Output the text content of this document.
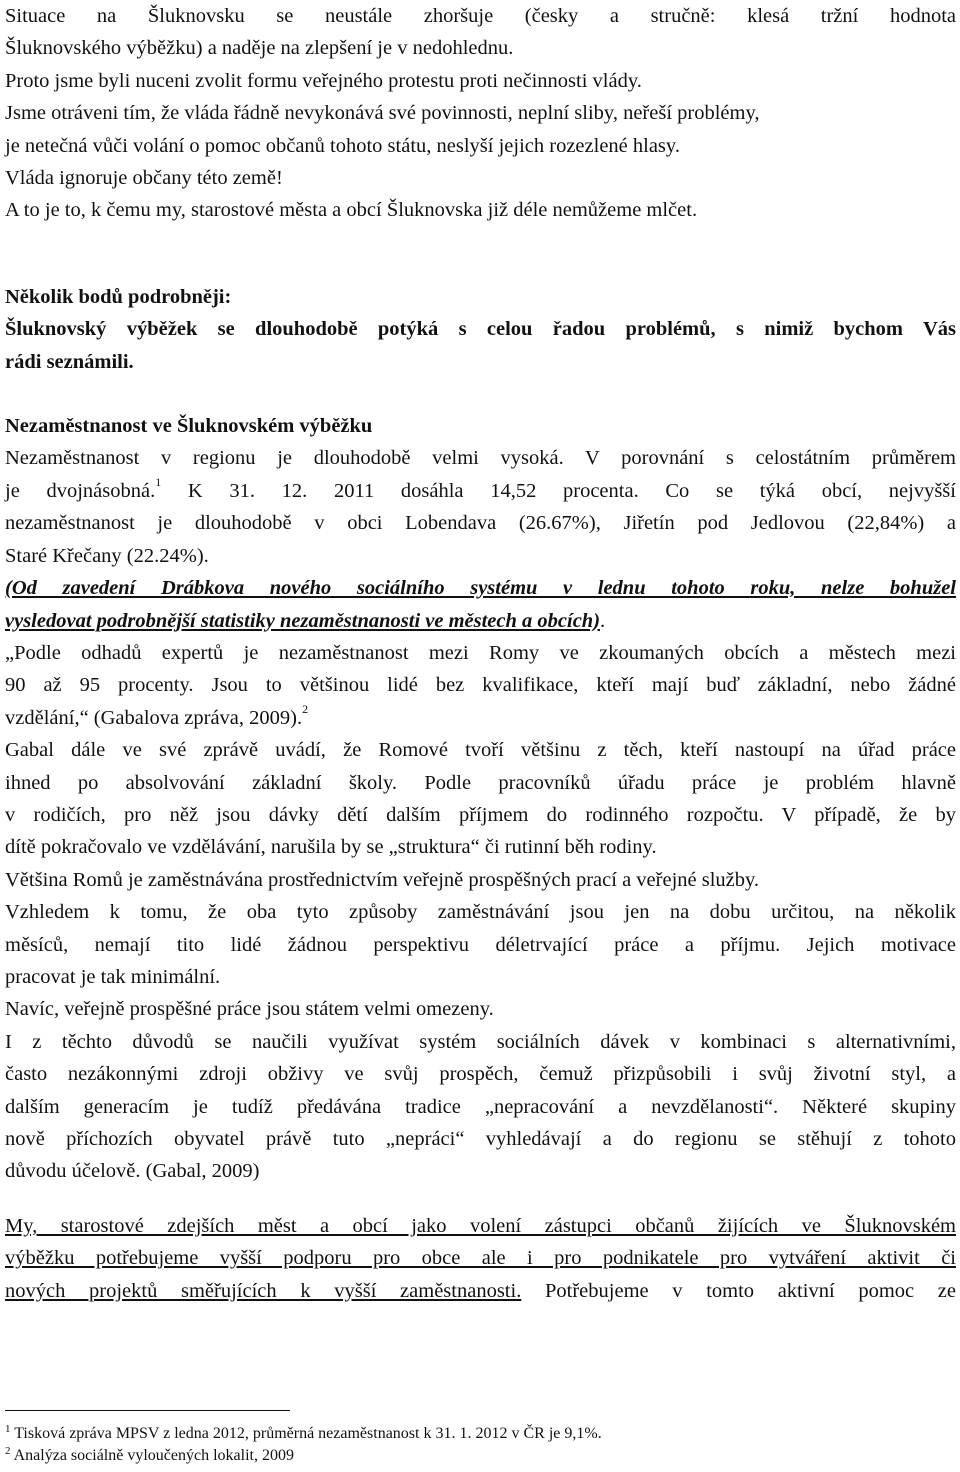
Situace na Šluknovsku se neustále zhoršuje (česky a stručně: klesá tržní hodnota

Šluknovského výběžku) a naděje na zlepšení je v nedohlednu.

Proto jsme byli nuceni zvolit formu veřejného protestu proti nečinnosti vlády.

Jsme otráveni tím, že vláda řádně nevykonává své povinnosti, neplní sliby, neřeší problémy,

je netečná vůči volání o pomoc občanů tohoto státu, neslyší jejich rozezlené hlasy.

Vláda ignoruje občany této země!

A to je to, k čemu my, starostové města a obcí Šluknovska již déle nemůžeme mlčet.

Několik bodů podrobněji:

Šluknovský výběžek se dlouhodobě potýká s celou řadou problémů, s nimiž bychom Vás

rádi seznámili.

Nezaměstnanost ve Šluknovském výběžku

Nezaměstnanost v regionu je dlouhodobě velmi vysoká. V porovnání s celostátním průměrem

je dvojnásobná.$^1$ K 31. 12. 2011 dosáhla 14,52 procenta. Co se týká obcí, nejvyšší

nezaměstnanost je dlouhodobě v obci Lobendava (26.67%), Jiřetín pod Jedlovou (22,84%) a

Staré Křečany (22.24%).

(Od zavedení Drábkova nového sociálního systému v lednu tohoto roku, nelze bohužel

vysledovat podrobnější statistiky nezaměstnanosti ve městech a obcích).

„Podle odhadů expertů je nezaměstnanost mezi Romy ve zkoumaných obcích a městech mezi

90 až 95 procenty. Jsou to většinou lidé bez kvalifikace, kteří mají buď základní, nebo žádné

vzdělání,“ (Gabalova zpráva, 2009).$^2$

Gabal dále ve své zprávě uvádí, že Romové tvoří většinu z těch, kteří nastoupí na úřad práce

ihned po absolvování základní školy. Podle pracovníků úřadu práce je problém hlavně

v rodičích, pro něž jsou dávky dětí dalším příjmem do rodinného rozpočtu. V případě, že by

dítě pokračovalo ve vzdělávání, narušila by se „struktura“ či rutinní běh rodiny.

Většina Romů je zaměstnávána prostřednictvím veřejně prospěšných prací a veřejné služby.

Vzhledem k tomu, že oba tyto způsoby zaměstnávání jsou jen na dobu určitou, na několik

měsíců, nemají tito lidé žádnou perspektivu déletrvající práce a příjmu. Jejich motivace

pracovat je tak minimální.

Navíc, veřejně prospěšné práce jsou státem velmi omezeny.

I z těchto důvodů se naučili využívat systém sociálních dávek v kombinaci s alternativními,

často nezákonnými zdroji obživy ve svůj prospěch, čemuž přizpůsobili i svůj životní styl, a

dalším generacím je tudíž předávána tradice „nepracování a nevzdělanosti“. Některé skupiny

nově příchozích obyvatel právě tuto „nepráci“ vyhledávají a do regionu se stěhují z tohoto

důvodu účelově. (Gabal, 2009)

My, starostové zdejších měst a obcí jako volení zástupci občanů žijících ve Šluknovském

výběžku potřebujeme vyšší podporu pro obce ale i pro podnikatele pro vytváření aktivit či

nových projektů směřujících k vyšší zaměstnanosti. Potřebujeme v tomto aktivní pomoc ze

$^1$ Tisková zpráva MPSV z ledna 2012, průměrná nezaměstnanost k 31. 1. 2012 v ČR je 9,1%.

$^2$ Analýza sociálně vyloučených lokalit, 2009
